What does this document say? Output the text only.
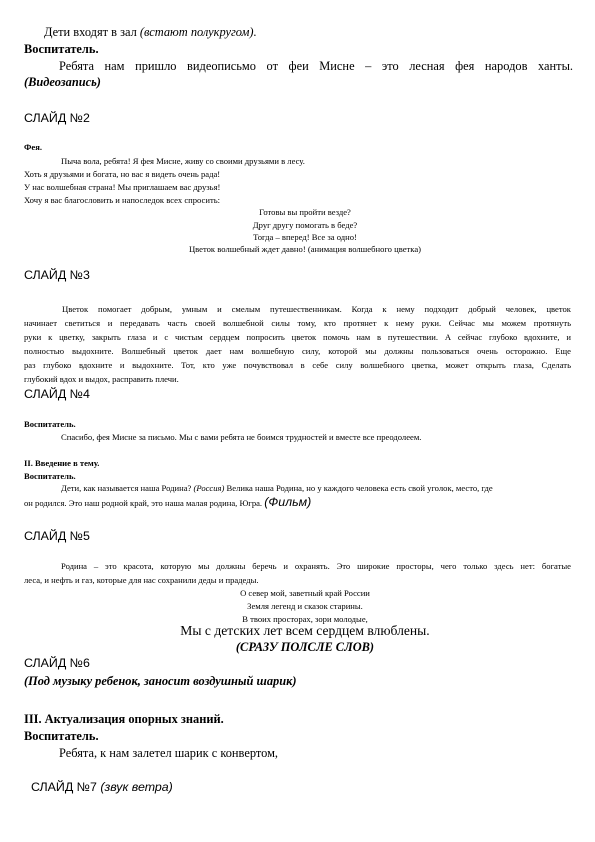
Дети входят в зал (встают полукругом).
Воспитатель.
Ребята нам пришло видеописьмо от феи Мисне – это лесная фея народов ханты.
(Видеозапись)
СЛАЙД №2
Фея.
Пыча вола, ребята! Я фея Мисне, живу со своими друзьями в лесу.
Хоть я друзьями и богата, но вас я видеть очень рада!
У нас волшебная страна! Мы приглашаем вас друзья!
Хочу я вас благословить и напоследок всех спросить:
Готовы вы пройти везде?
Друг другу помогать в беде?
Тогда – вперед! Все за одно!
Цветок волшебный ждет давно! (анимация волшебного цветка)
СЛАЙД №3
Цветок помогает добрым, умным и смелым путешественникам. Когда к нему подходит добрый человек, цветок
начинает светиться и передавать часть своей волшебной силы тому, кто протянет к нему руки. Сейчас мы можем протянуть
руки к цветку, закрыть глаза и с чистым сердцем попросить цветок помочь нам в путешествии. А сейчас глубоко вдохните, и
полностью выдохните. Волшебный цветок дает нам волшебную силу, которой мы должны пользоваться очень осторожно. Еще
раз глубоко вдохните и выдохните. Тот, кто уже почувствовал в себе силу волшебного цветка, может открыть глаза, Сделать
глубокий вдох и выдох, расправить плечи.
СЛАЙД №4
Воспитатель.
Спасибо, фея Мисне за письмо. Мы с вами ребята не боимся трудностей и вместе все преодолеем.
II. Введение в тему.
Воспитатель.
Дети, как называется наша Родина? (Россия) Велика наша Родина, но у каждого человека есть свой уголок, место, где
он родился. Это наш родной край, это наша малая родина, Югра. (Фильм)
СЛАЙД №5
Родина – это красота, которую мы должны беречь и охранять. Это широкие просторы, чего только здесь нет: богатые
леса, и нефть и газ, которые для нас сохранили деды и прадеды.
О север мой, заветный край России
Земля легенд и сказок старины.
В твоих просторах, зори молодые,
Мы с детских лет всем сердцем влюблены.
(СРАЗУ ПОЛСЛЕ СЛОВ)
СЛАЙД №6
(Под музыку ребенок, заносит воздушный шарик)
III. Актуализация опорных знаний.
Воспитатель.
Ребята, к нам залетел шарик с конвертом,
СЛАЙД №7 (звук ветра)
